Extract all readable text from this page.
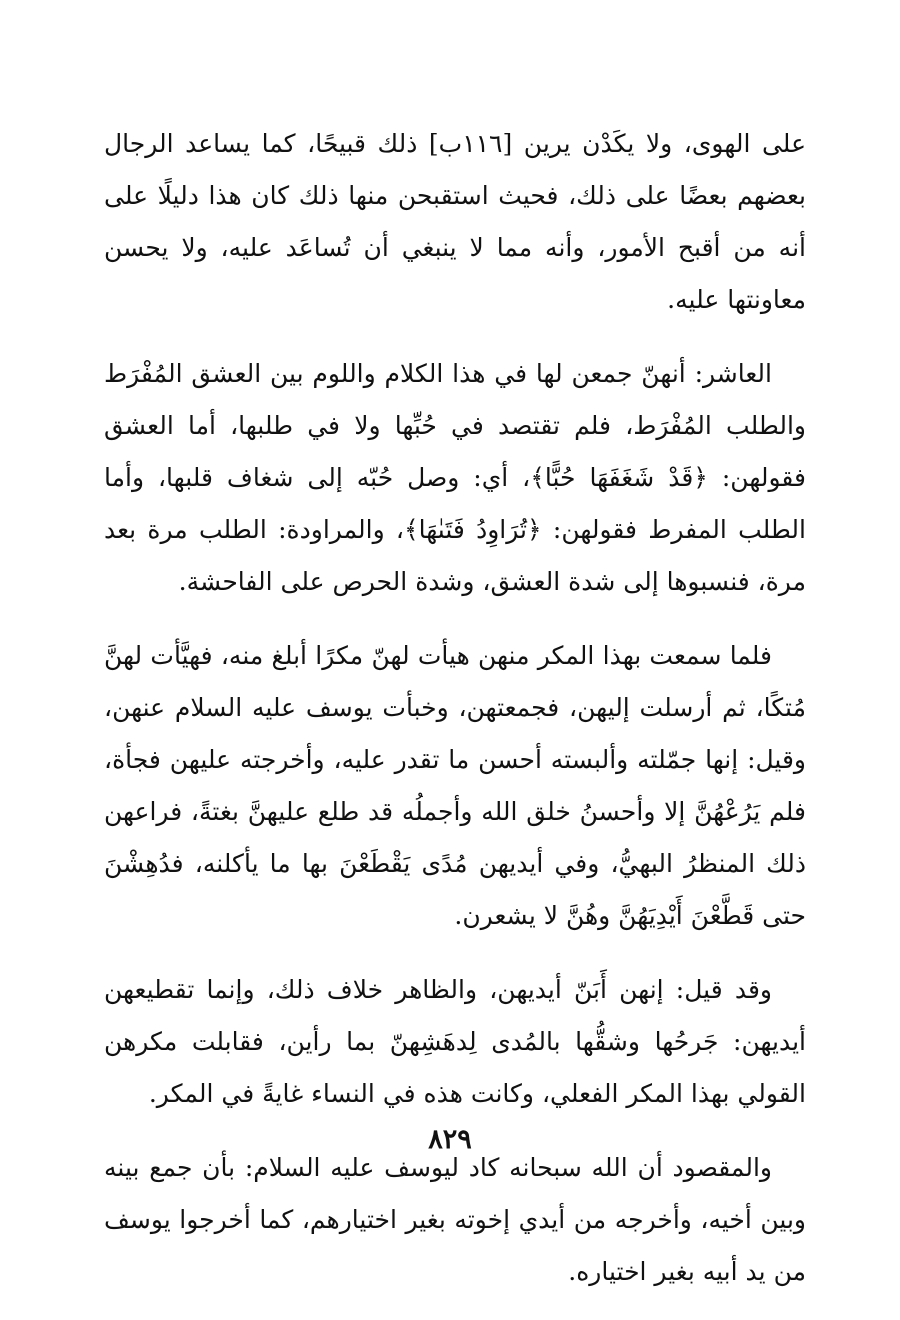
على الهوى، ولا يكَدْن يرين [١١٦ب] ذلك قبيحًا، كما يساعد الرجال بعضهم بعضًا على ذلك، فحيث استقبحن منها ذلك كان هذا دليلًا على أنه من أقبح الأمور، وأنه مما لا ينبغي أن تُساعَد عليه، ولا يحسن معاونتها عليه.

العاشر: أنهنّ جمعن لها في هذا الكلام واللوم بين العشق المُفْرَط والطلب المُفْرَط، فلم تقتصد في حُبِّها ولا في طلبها، أما العشق فقولهن: ﴿قَدْ شَغَفَهَا حُبًّا﴾، أي: وصل حُبّه إلى شغاف قلبها، وأما الطلب المفرط فقولهن: ﴿تُرَاوِدُ فَتَىٰهَا﴾، والمراودة: الطلب مرة بعد مرة، فنسبوها إلى شدة العشق، وشدة الحرص على الفاحشة.

فلما سمعت بهذا المكر منهن هيأت لهنّ مكرًا أبلغ منه، فهيَّأت لهنَّ مُتكًا، ثم أرسلت إليهن، فجمعتهن، وخبأت يوسف عليه السلام عنهن، وقيل: إنها جمّلته وألبسته أحسن ما تقدر عليه، وأخرجته عليهن فجأة، فلم يَرُعْهُنَّ إلا وأحسنُ خلق الله وأجملُه قد طلع عليهنَّ بغتةً، فراعهن ذلك المنظرُ البهيُّ، وفي أيديهن مُدًى يَقْطَعْنَ بها ما يأكلنه، فدُهِشْنَ حتى قَطَّعْنَ أَيْدِيَهُنَّ وهُنَّ لا يشعرن.

وقد قيل: إنهن أَبَنّ أيديهن، والظاهر خلاف ذلك، وإنما تقطيعهن أيديهن: جَرحُها وشقُّها بالمُدى لِدهَشِهنّ بما رأين، فقابلت مكرهن القولي بهذا المكر الفعلي، وكانت هذه في النساء غايةً في المكر.

والمقصود أن الله سبحانه كاد ليوسف عليه السلام: بأن جمع بينه وبين أخيه، وأخرجه من أيدي إخوته بغير اختيارهم، كما أخرجوا يوسف من يد أبيه بغير اختياره.

٨٢٩
